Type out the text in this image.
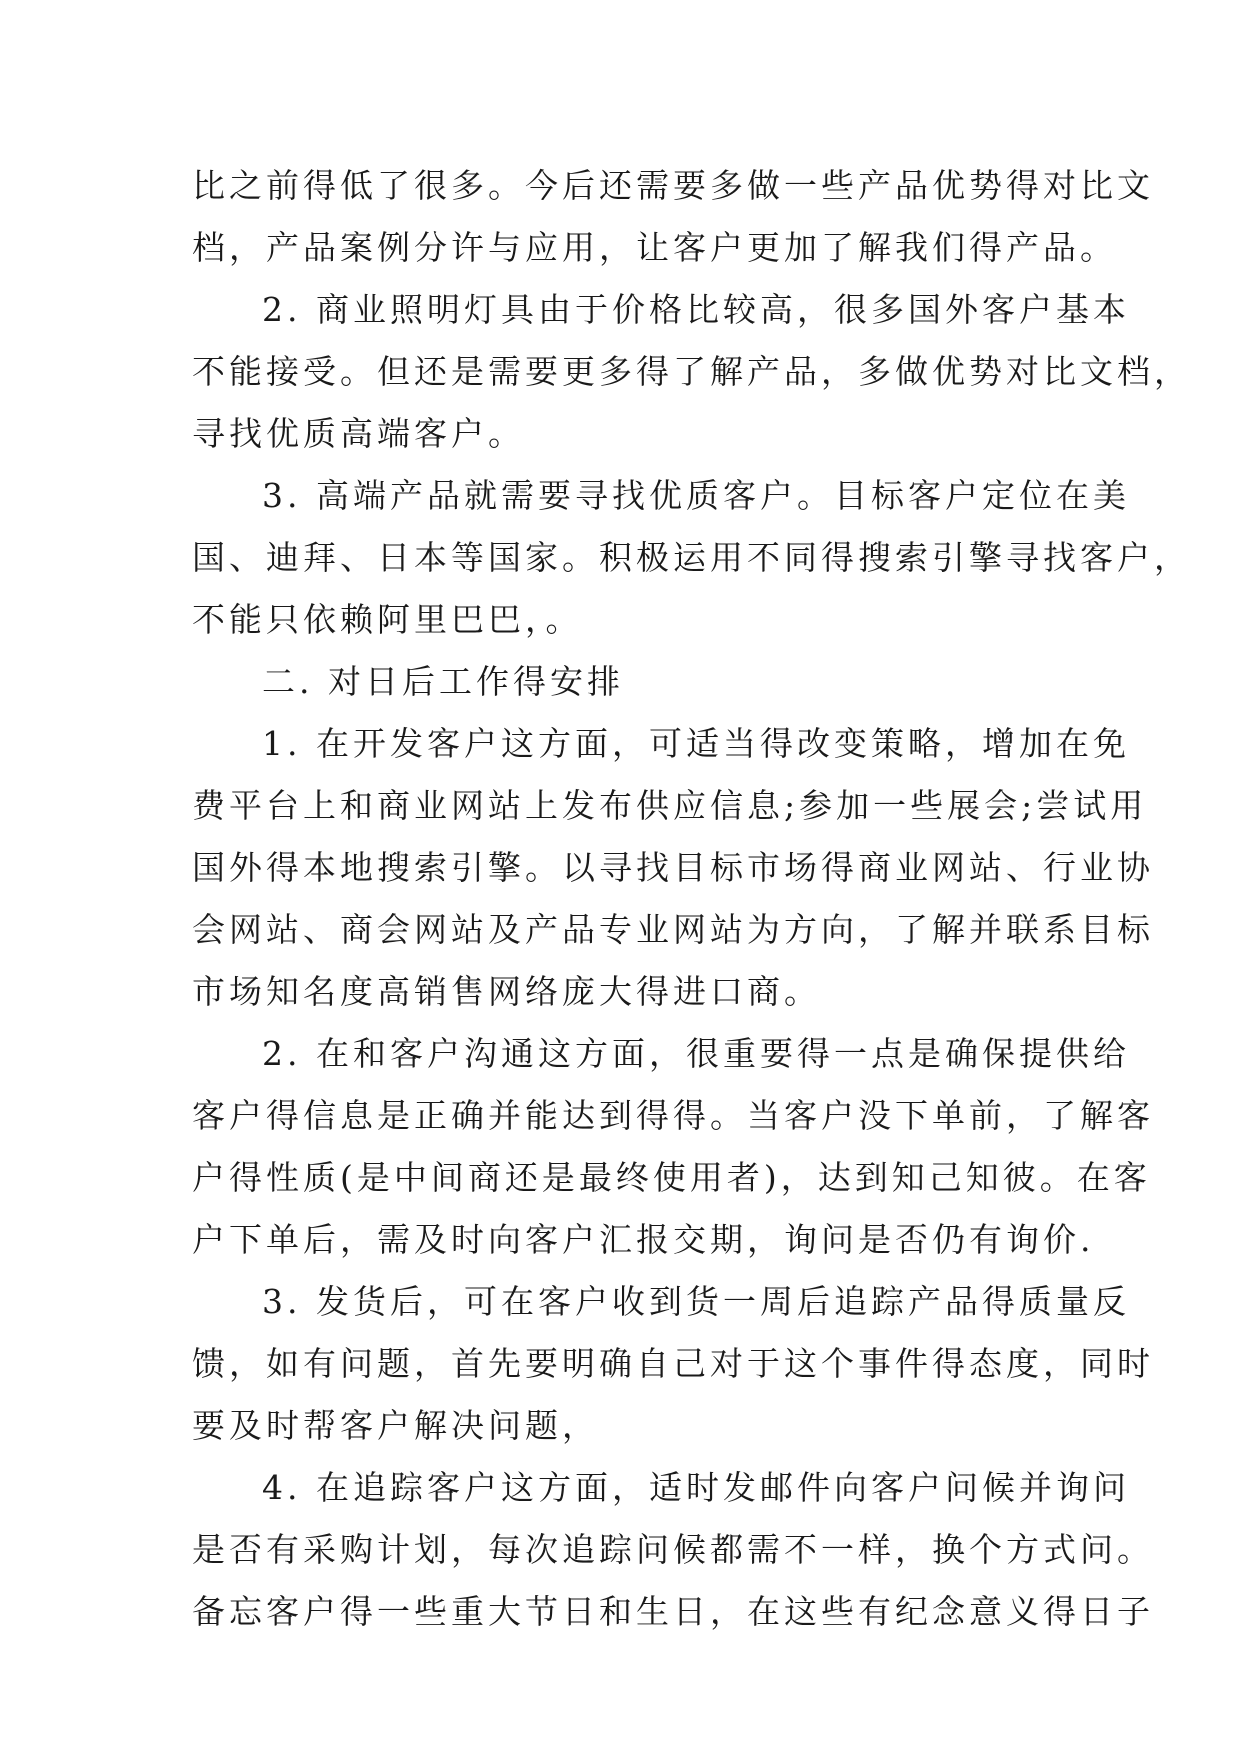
比之前得低了很多。今后还需要多做一些产品优势得对比文
档，产品案例分许与应用，让客户更加了解我们得产品。
2. 商业照明灯具由于价格比较高，很多国外客户基本
不能接受。但还是需要更多得了解产品，多做优势对比文档，
寻找优质高端客户。
3. 高端产品就需要寻找优质客户。目标客户定位在美
国、迪拜、日本等国家。积极运用不同得搜索引擎寻找客户，
不能只依赖阿里巴巴，。
二. 对日后工作得安排
1. 在开发客户这方面，可适当得改变策略，增加在免
费平台上和商业网站上发布供应信息;参加一些展会;尝试用
国外得本地搜索引擎。以寻找目标市场得商业网站、行业协
会网站、商会网站及产品专业网站为方向，了解并联系目标
市场知名度高销售网络庞大得进口商。
2. 在和客户沟通这方面，很重要得一点是确保提供给
客户得信息是正确并能达到得得。当客户没下单前，了解客
户得性质(是中间商还是最终使用者)，达到知己知彼。在客
户下单后，需及时向客户汇报交期，询问是否仍有询价.
3. 发货后，可在客户收到货一周后追踪产品得质量反
馈，如有问题，首先要明确自己对于这个事件得态度，同时
要及时帮客户解决问题，
4. 在追踪客户这方面，适时发邮件向客户问候并询问
是否有采购计划，每次追踪问候都需不一样，换个方式问。
备忘客户得一些重大节日和生日，在这些有纪念意义得日子
